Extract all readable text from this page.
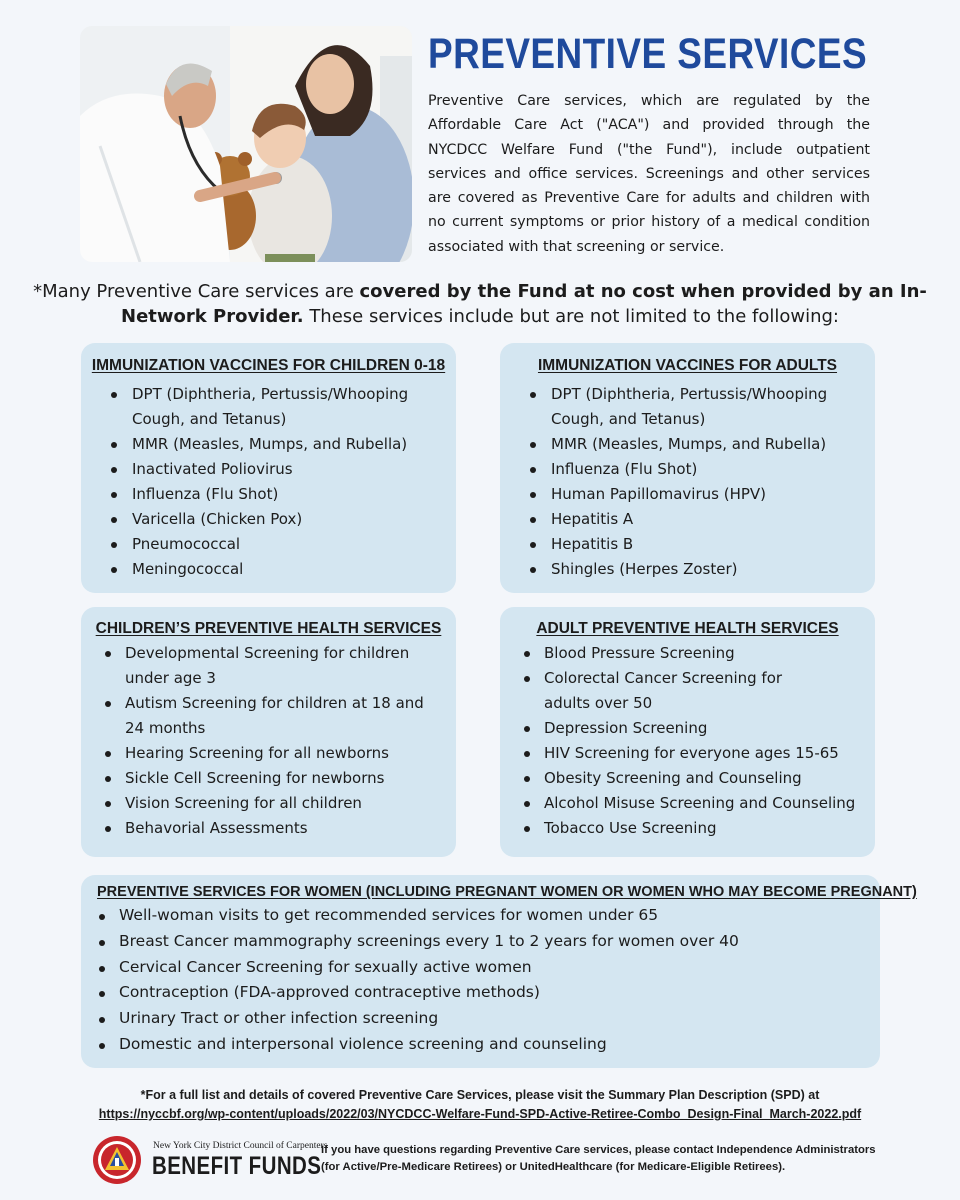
PREVENTIVE SERVICES

Preventive Care services, which are regulated by the Affordable Care Act ("ACA") and provided through the NYCDCC Welfare Fund ("the Fund"), include outpatient services and office services. Screenings and other services are covered as Preventive Care for adults and children with no current symptoms or prior history of a medical condition associated with that screening or service.

*Many Preventive Care services are covered by the Fund at no cost when provided by an In- Network Provider. These services include but are not limited to the following:

IMMUNIZATION VACCINES FOR CHILDREN 0-18
DPT (Diphtheria, Pertussis/Whooping Cough, and Tetanus)
MMR (Measles, Mumps, and Rubella)
Inactivated Poliovirus
Influenza (Flu Shot)
Varicella (Chicken Pox)
Pneumococcal
Meningococcal
IMMUNIZATION VACCINES FOR ADULTS
DPT (Diphtheria, Pertussis/Whooping Cough, and Tetanus)
MMR (Measles, Mumps, and Rubella)
Influenza (Flu Shot)
Human Papillomavirus (HPV)
Hepatitis A
Hepatitis B
Shingles (Herpes Zoster)
CHILDREN’S PREVENTIVE HEALTH SERVICES
Developmental Screening for children under age 3
Autism Screening for children at 18 and 24 months
Hearing Screening for all newborns
Sickle Cell Screening for newborns
Vision Screening for all children
Behavorial Assessments
ADULT PREVENTIVE HEALTH SERVICES
Blood Pressure Screening
Colorectal Cancer Screening for adults over 50
Depression Screening
HIV Screening for everyone ages 15-65
Obesity Screening and Counseling
Alcohol Misuse Screening and Counseling
Tobacco Use Screening
PREVENTIVE SERVICES FOR WOMEN (INCLUDING PREGNANT WOMEN OR WOMEN WHO MAY BECOME PREGNANT)
Well-woman visits to get recommended services for women under 65
Breast Cancer mammography screenings every 1 to 2 years for women over 40
Cervical Cancer Screening for sexually active women
Contraception (FDA-approved contraceptive methods)
Urinary Tract or other infection screening
Domestic and interpersonal violence screening and counseling

*For a full list and details of covered Preventive Care Services, please visit the Summary Plan Description (SPD) at
https://nyccbf.org/wp-content/uploads/2022/03/NYCDCC-Welfare-Fund-SPD-Active-Retiree-Combo_Design-Final_March-2022.pdf

New York City District Council of Carpenters

BENEFIT FUNDS

If you have questions regarding Preventive Care services, please contact Independence Administrators (for Active/Pre-Medicare Retirees) or UnitedHealthcare (for Medicare-Eligible Retirees).
